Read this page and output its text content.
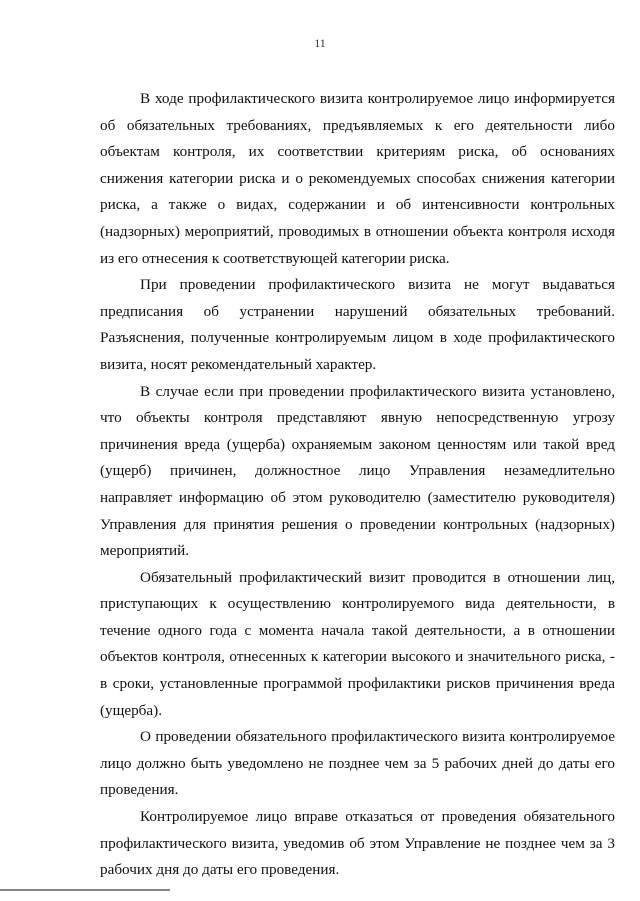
11

В ходе профилактического визита контролируемое лицо информируется об обязательных требованиях, предъявляемых к его деятельности либо объектам контроля, их соответствии критериям риска, об основаниях снижения категории риска и о рекомендуемых способах снижения категории риска, а также о видах, содержании и об интенсивности контрольных (надзорных) мероприятий, проводимых в отношении объекта контроля исходя из его отнесения к соответствующей категории риска.

При проведении профилактического визита не могут выдаваться предписания об устранении нарушений обязательных требований. Разъяснения, полученные контролируемым лицом в ходе профилактического визита, носят рекомендательный характер.

В случае если при проведении профилактического визита установлено, что объекты контроля представляют явную непосредственную угрозу причинения вреда (ущерба) охраняемым законом ценностям или такой вред (ущерб) причинен, должностное лицо Управления незамедлительно направляет информацию об этом руководителю (заместителю руководителя) Управления для принятия решения о проведении контрольных (надзорных) мероприятий.

Обязательный профилактический визит проводится в отношении лиц, приступающих к осуществлению контролируемого вида деятельности, в течение одного года с момента начала такой деятельности, а в отношении объектов контроля, отнесенных к категории высокого и значительного риска, - в сроки, установленные программой профилактики рисков причинения вреда (ущерба).

О проведении обязательного профилактического визита контролируемое лицо должно быть уведомлено не позднее чем за 5 рабочих дней до даты его проведения.

Контролируемое лицо вправе отказаться от проведения обязательного профилактического визита, уведомив об этом Управление не позднее чем за 3 рабочих дня до даты его проведения.
